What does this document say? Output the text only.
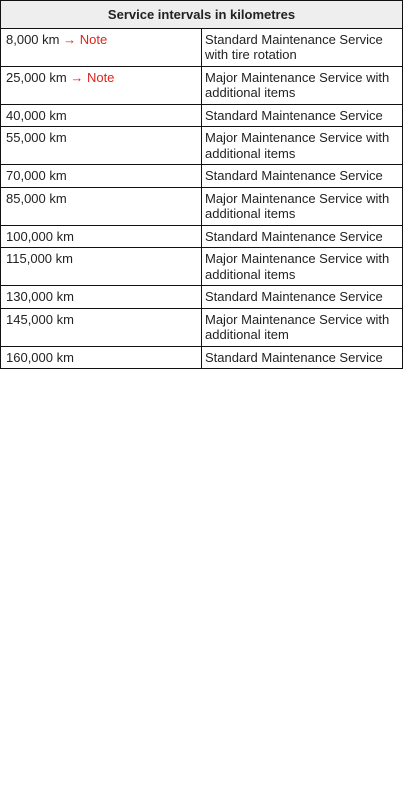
Service intervals in kilometres	
8,000 km → Note	Standard Maintenance Service with tire rotation
25,000 km → Note	Major Maintenance Service with additional items
40,000 km	Standard Maintenance Service
55,000 km	Major Maintenance Service with additional items
70,000 km	Standard Maintenance Service
85,000 km	Major Maintenance Service with additional items
100,000 km	Standard Maintenance Service
115,000 km	Major Maintenance Service with additional items
130,000 km	Standard Maintenance Service
145,000 km	Major Maintenance Service with additional item
160,000 km	Standard Maintenance Service
